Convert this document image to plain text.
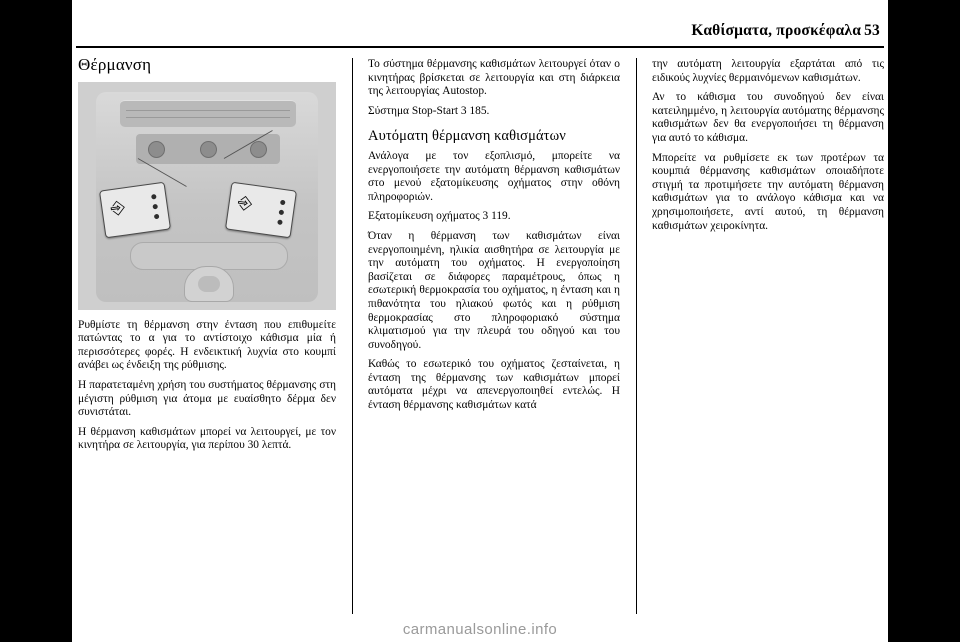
Καθίσματα, προσκέφαλα 53
Θέρμανση
⎆	⎆

Ρυθμίστε τη θέρμανση στην ένταση που επιθυμείτε πατώντας το α για το αντίστοιχο κάθισμα μία ή περισσότερες φορές. Η ενδεικτική λυχνία στο κουμπί ανάβει ως ένδειξη της ρύθμισης.

Η παρατεταμένη χρήση του συστήματος θέρμανσης στη μέγιστη ρύθμιση για άτομα με ευαίσθητο δέρμα δεν συνιστάται.

Η θέρμανση καθισμάτων μπορεί να λειτουργεί, με τον κινητήρα σε λειτουργία, για περίπου 30 λεπτά.

Το σύστημα θέρμανσης καθισμάτων λειτουργεί όταν ο κινητήρας βρίσκεται σε λειτουργία και στη διάρκεια της λειτουργίας Autostop.

Σύστημα Stop-Start 3 185.

Αυτόματη θέρμανση καθισμάτων

Ανάλογα με τον εξοπλισμό, μπορείτε να ενεργοποιήσετε την αυτόματη θέρμανση καθισμάτων στο μενού εξατομίκευσης οχήματος στην οθόνη πληροφοριών.

Εξατομίκευση οχήματος 3 119.

Όταν η θέρμανση των καθισμάτων είναι ενεργοποιημένη, ηλικία αισθητήρα σε λειτουργία με την αυτόματη του οχήματος. Η ενεργοποίηση βασίζεται σε διάφορες παραμέτρους, όπως η εσωτερική θερμοκρασία του οχήματος, η ένταση και η πιθανότητα του ηλιακού φωτός και η ρύθμιση θερμοκρασίας στο πληροφοριακό σύστημα κλιματισμού για την πλευρά του οδηγού και του συνοδηγού.

Καθώς το εσωτερικό του οχήματος ζεσταίνεται, η ένταση της θέρμανσης των καθισμάτων μπορεί αυτόματα μέχρι να απενεργοποιηθεί εντελώς. Η ένταση θέρμανσης καθισμάτων κατά

την αυτόματη λειτουργία εξαρτάται από τις ειδικούς λυχνίες θερμαινόμενων καθισμάτων.

Αν το κάθισμα του συνοδηγού δεν είναι κατειλημμένο, η λειτουργία αυτόματης θέρμανσης καθισμάτων δεν θα ενεργοποιήσει τη θέρμανση για αυτό το κάθισμα.

Μπορείτε να ρυθμίσετε εκ των προτέρων τα κουμπιά θέρμανσης καθισμάτων οποιαδήποτε στιγμή τα προτιμήσετε την αυτόματη θέρμανση καθισμάτων για το ανάλογο κάθισμα και να χρησιμοποιήσετε, αντί αυτού, τη θέρμανση καθισμάτων χειροκίνητα.

carmanualsonline.info
